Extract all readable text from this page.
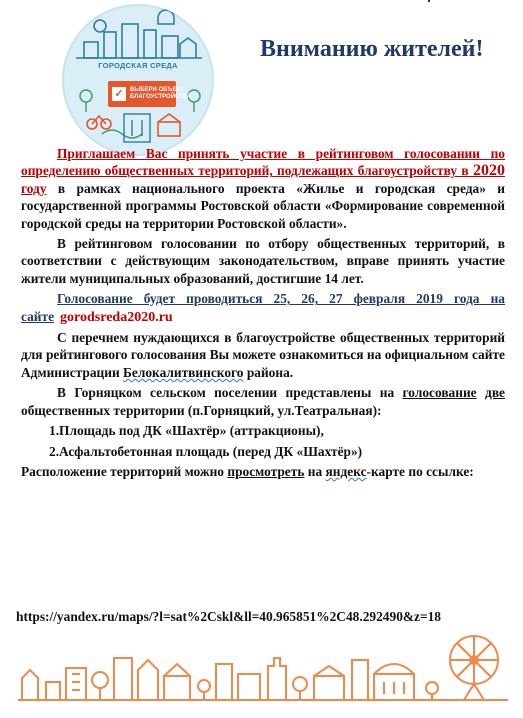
ГОРОДСКАЯ СРЕДА
✓	ВЫБЕРИ ОБЪЕКТ
БЛАГОУСТРОЙСТВА
Вниманию жителей!

Приглашаем Вас принять участие в рейтинговом голосовании по определению общественных территорий, подлежащих благоустройству в 2020 году в рамках национального проекта «Жилье и городская среда» и государственной программы Ростовской области «Формирование современной городской среды на территории Ростовской области».

В рейтинговом голосовании по отбору общественных территорий, в соответствии с действующим законодательством, вправе принять участие жители муниципальных образований, достигшие 14 лет.

Голосование будет проводиться 25, 26, 27 февраля 2019 года на сайте gorodsreda2020.ru

С перечнем нуждающихся в благоустройстве общественных территорий для рейтингового голосования Вы можете ознакомиться на официальном сайте Администрации Белокалитвинского района.

В Горняцком сельском поселении представлены на голосование две общественных территории (п.Горняцкий, ул.Театральная):

1.Площадь под ДК «Шахтёр» (аттракционы),

2.Асфальтобетонная площадь (перед ДК «Шахтёр»)

Расположение территорий можно просмотреть на яндекс-карте по ссылке:

https://yandex.ru/maps/?l=sat%2Cskl&ll=40.965851%2C48.292490&z=18
